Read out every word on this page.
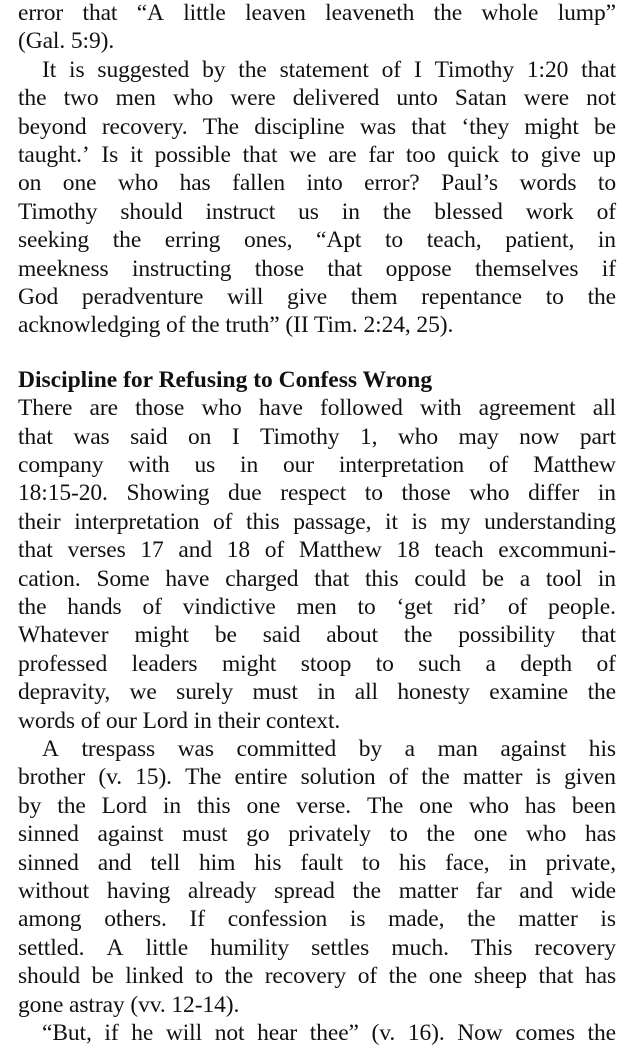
error that “A little leaven leaveneth the whole lump”
(Gal. 5:9).
It is suggested by the statement of I Timothy 1:20 that
the two men who were delivered unto Satan were not
beyond recovery. The discipline was that ‘they might be
taught.’ Is it possible that we are far too quick to give up
on one who has fallen into error? Paul’s words to
Timothy should instruct us in the blessed work of
seeking the erring ones, “Apt to teach, patient, in
meekness instructing those that oppose themselves if
God peradventure will give them repentance to the
acknowledging of the truth” (II Tim. 2:24, 25).
Discipline for Refusing to Confess Wrong
There are those who have followed with agreement all
that was said on I Timothy 1, who may now part
company with us in our interpretation of Matthew
18:15-20. Showing due respect to those who differ in
their interpretation of this passage, it is my understanding
that verses 17 and 18 of Matthew 18 teach excommuni-
cation. Some have charged that this could be a tool in
the hands of vindictive men to ‘get rid’ of people.
Whatever might be said about the possibility that
professed leaders might stoop to such a depth of
depravity, we surely must in all honesty examine the
words of our Lord in their context.
A trespass was committed by a man against his
brother (v. 15). The entire solution of the matter is given
by the Lord in this one verse. The one who has been
sinned against must go privately to the one who has
sinned and tell him his fault to his face, in private,
without having already spread the matter far and wide
among others. If confession is made, the matter is
settled. A little humility settles much. This recovery
should be linked to the recovery of the one sheep that has
gone astray (vv. 12-14).
“But, if he will not hear thee” (v. 16). Now comes the
